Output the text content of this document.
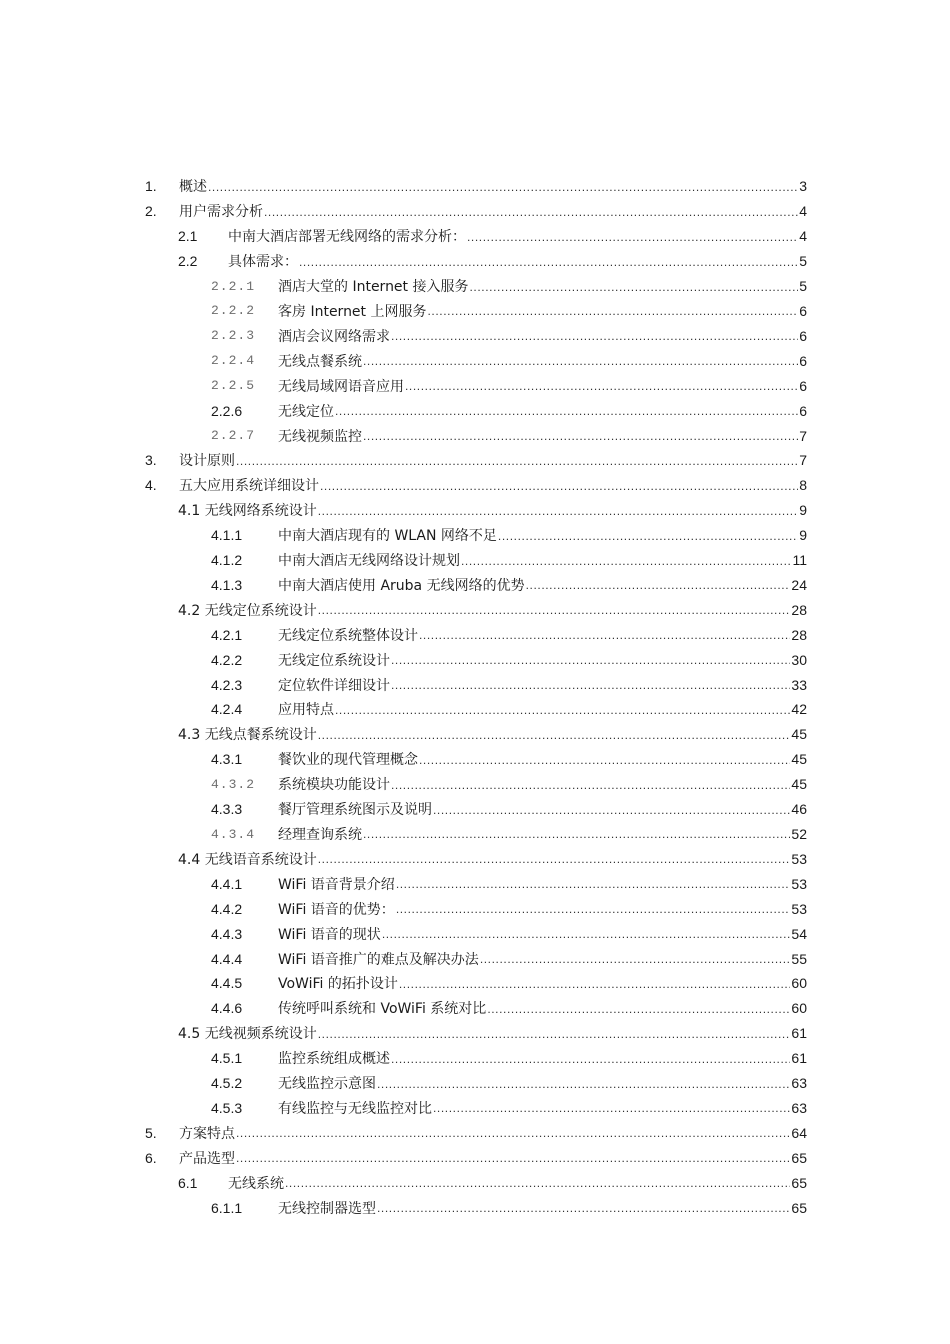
1.	概述 .....	3
2.	用户需求分析 .....	4
2.1	中南大酒店部署无线网络的需求分析： .....	4
2.2	具体需求： .....	5
2.2.1	酒店大堂的 Internet 接入服务 .....	5
2.2.2	客房 Internet 上网服务 .....	6
2.2.3	酒店会议网络需求 .....	6
2.2.4	无线点餐系统 .....	6
2.2.5	无线局域网语音应用 .....	6
2.2.6	无线定位 .....	6
2.2.7	无线视频监控 .....	7
3.	设计原则 .....	7
4.	五大应用系统详细设计 .....	8
4.1 无线网络系统设计 .....	9
4.1.1	中南大酒店现有的 WLAN 网络不足 .....	9
4.1.2	中南大酒店无线网络设计规划 .....	11
4.1.3	中南大酒店使用 Aruba 无线网络的优势 .....	24
4.2 无线定位系统设计 .....	28
4.2.1	无线定位系统整体设计 .....	28
4.2.2	无线定位系统设计 .....	30
4.2.3	定位软件详细设计 .....	33
4.2.4	应用特点 .....	42
4.3 无线点餐系统设计 .....	45
4.3.1	餐饮业的现代管理概念 .....	45
4.3.2	系统模块功能设计 .....	45
4.3.3	餐厅管理系统图示及说明 .....	46
4.3.4	经理查询系统 .....	52
4.4 无线语音系统设计 .....	53
4.4.1	WiFi 语音背景介绍 .....	53
4.4.2	WiFi 语音的优势： .....	53
4.4.3	WiFi 语音的现状 .....	54
4.4.4	WiFi 语音推广的难点及解决办法 .....	55
4.4.5	VoWiFi 的拓扑设计 .....	60
4.4.6	传统呼叫系统和 VoWiFi 系统对比 .....	60
4.5 无线视频系统设计 .....	61
4.5.1	监控系统组成概述 .....	61
4.5.2	无线监控示意图 .....	63
4.5.3	有线监控与无线监控对比 .....	63
5.	方案特点 .....	64
6.	产品选型 .....	65
6.1	无线系统 .....	65
6.1.1	无线控制器选型 .....	65
